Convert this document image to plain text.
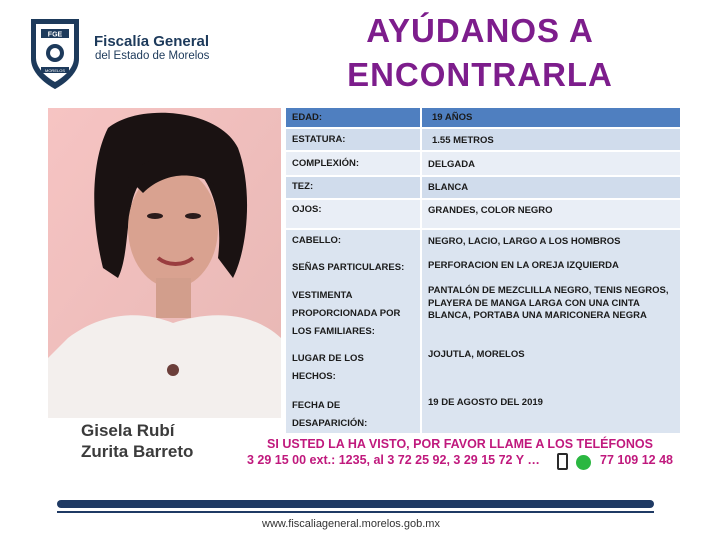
FGE
MORELOS
Fiscalía General
del Estado de Morelos
AYÚDANOS A
ENCONTRARLA
Gisela Rubí
Zurita Barreto
EDAD:
ESTATURA:
COMPLEXIÓN:
TEZ:
OJOS:
CABELLO:
SEÑAS PARTICULARES:
VESTIMENTA PROPORCIONADA POR LOS FAMILIARES:
LUGAR DE LOS HECHOS:
FECHA DE DESAPARICIÓN:
19 AÑOS
1.55 METROS
DELGADA
BLANCA
GRANDES, COLOR NEGRO
NEGRO, LACIO, LARGO A LOS HOMBROS
PERFORACION EN LA OREJA IZQUIERDA
PANTALÓN DE MEZCLILLA NEGRO, TENIS NEGROS, PLAYERA DE MANGA LARGA CON UNA CINTA BLANCA, PORTABA UNA MARICONERA NEGRA
JOJUTLA, MORELOS
19 DE AGOSTO DEL 2019
SI USTED LA HA VISTO, POR FAVOR LLAME A LOS TELÉFONOS
3 29 15 00 ext.: 1235, al 3 72 25 92, 3 29 15 72 Y …	77 109 12 48
www.fiscaliageneral.morelos.gob.mx
